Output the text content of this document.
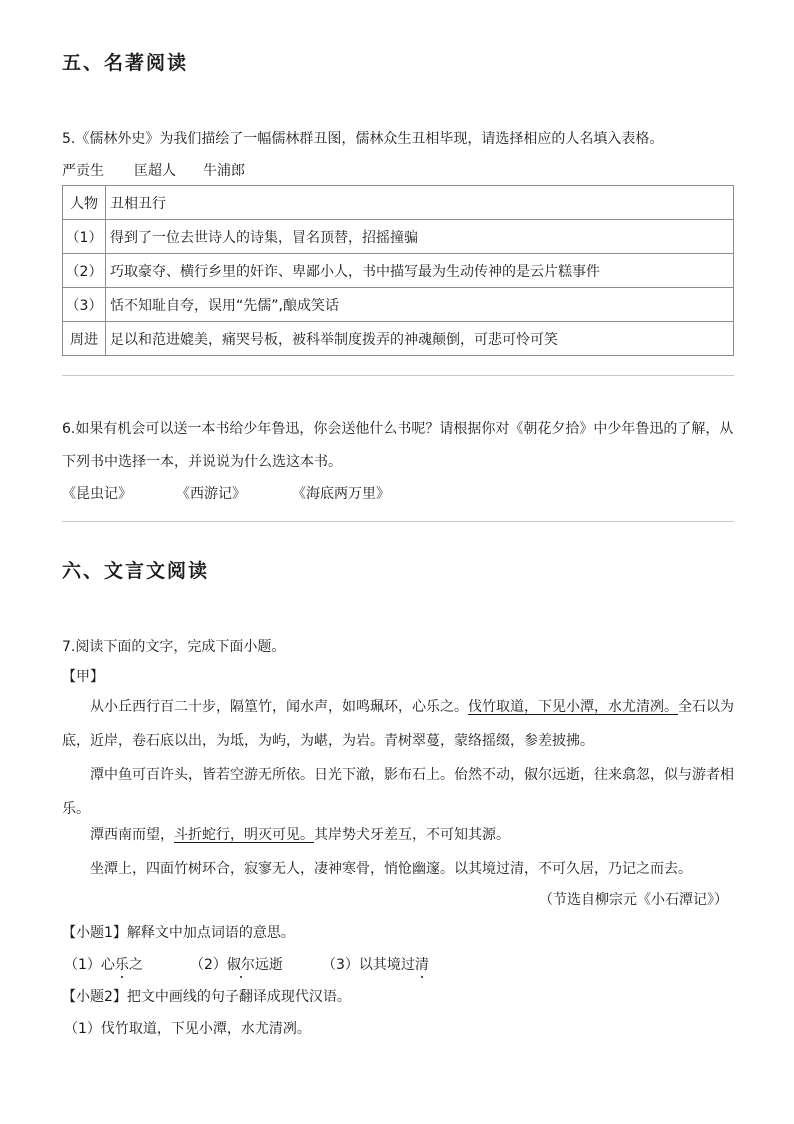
五、名著阅读
5.《儒林外史》为我们描绘了一幅儒林群丑图，儒林众生丑相毕现，请选择相应的人名填入表格。
严贡生 匡超人 牛浦郎
人物	丑相丑行
（1）	得到了一位去世诗人的诗集，冒名顶替，招摇撞骗
（2）	巧取豪夺、横行乡里的奸诈、卑鄙小人，书中描写最为生动传神的是云片糕事件
（3）	恬不知耻自夸，误用“先儒”,酿成笑话
周进	足以和范进媲美，痛哭号板，被科举制度拨弄的神魂颠倒，可悲可怜可笑
6.如果有机会可以送一本书给少年鲁迅，你会送他什么书呢？请根据你对《朝花夕拾》中少年鲁迅的了解，从
下列书中选择一本，并说说为什么选这本书。
《昆虫记》	《西游记》	《海底两万里》
六、文言文阅读
7.阅读下面的文字，完成下面小题。
【甲】
从小丘西行百二十步，隔篁竹，闻水声，如鸣珮环，心乐之。伐竹取道，下见小潭，水尤清冽。全石以为底，近岸，卷石底以出，为坻，为屿，为嵁，为岩。青树翠蔓，蒙络摇缀，参差披拂。
潭中鱼可百许头，皆若空游无所依。日光下澈，影布石上。佁然不动，俶尔远逝，往来翕忽，似与游者相乐。
潭西南而望，斗折蛇行，明灭可见。其岸势犬牙差互，不可知其源。
坐潭上，四面竹树环合，寂寥无人，凄神寒骨，悄怆幽邃。以其境过清，不可久居，乃记之而去。
（节选自柳宗元《小石潭记》）
【小题1】解释文中加点词语的意思。
（1）心乐之	（2）俶尔远逝	（3）以其境过清
【小题2】把文中画线的句子翻译成现代汉语。
（1）伐竹取道，下见小潭，水尤清冽。
